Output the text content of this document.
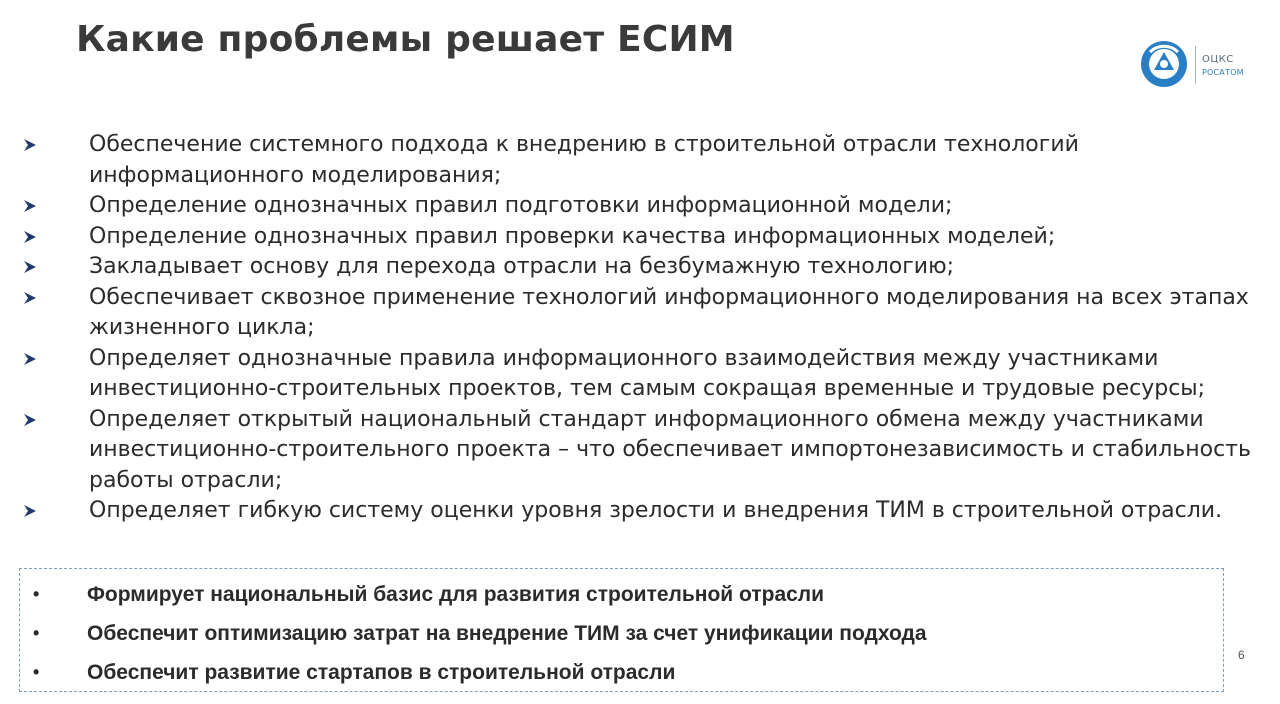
Какие проблемы решает ЕСИМ	ОЦКС
РОСАТОМ
Обеспечение системного подхода к внедрению в строительной отрасли технологий информационного моделирования;
Определение однозначных правил подготовки информационной модели;
Определение однозначных правил проверки качества информационных моделей;
Закладывает основу для перехода отрасли на безбумажную технологию;
Обеспечивает сквозное применение технологий информационного моделирования на всех этапах жизненного цикла;
Определяет однозначные правила информационного взаимодействия между участниками инвестиционно-строительных проектов, тем самым сокращая временные и трудовые ресурсы;
Определяет открытый национальный стандарт информационного обмена между участниками инвестиционно-строительного проекта – что обеспечивает импортонезависимость и стабильность работы отрасли;
Определяет гибкую систему оценки уровня зрелости и внедрения ТИМ в строительной отрасли.
• Формирует национальный базис для развития строительной отрасли
• Обеспечит оптимизацию затрат на внедрение ТИМ за счет унификации подхода
• Обеспечит развитие стартапов в строительной отрасли
6
